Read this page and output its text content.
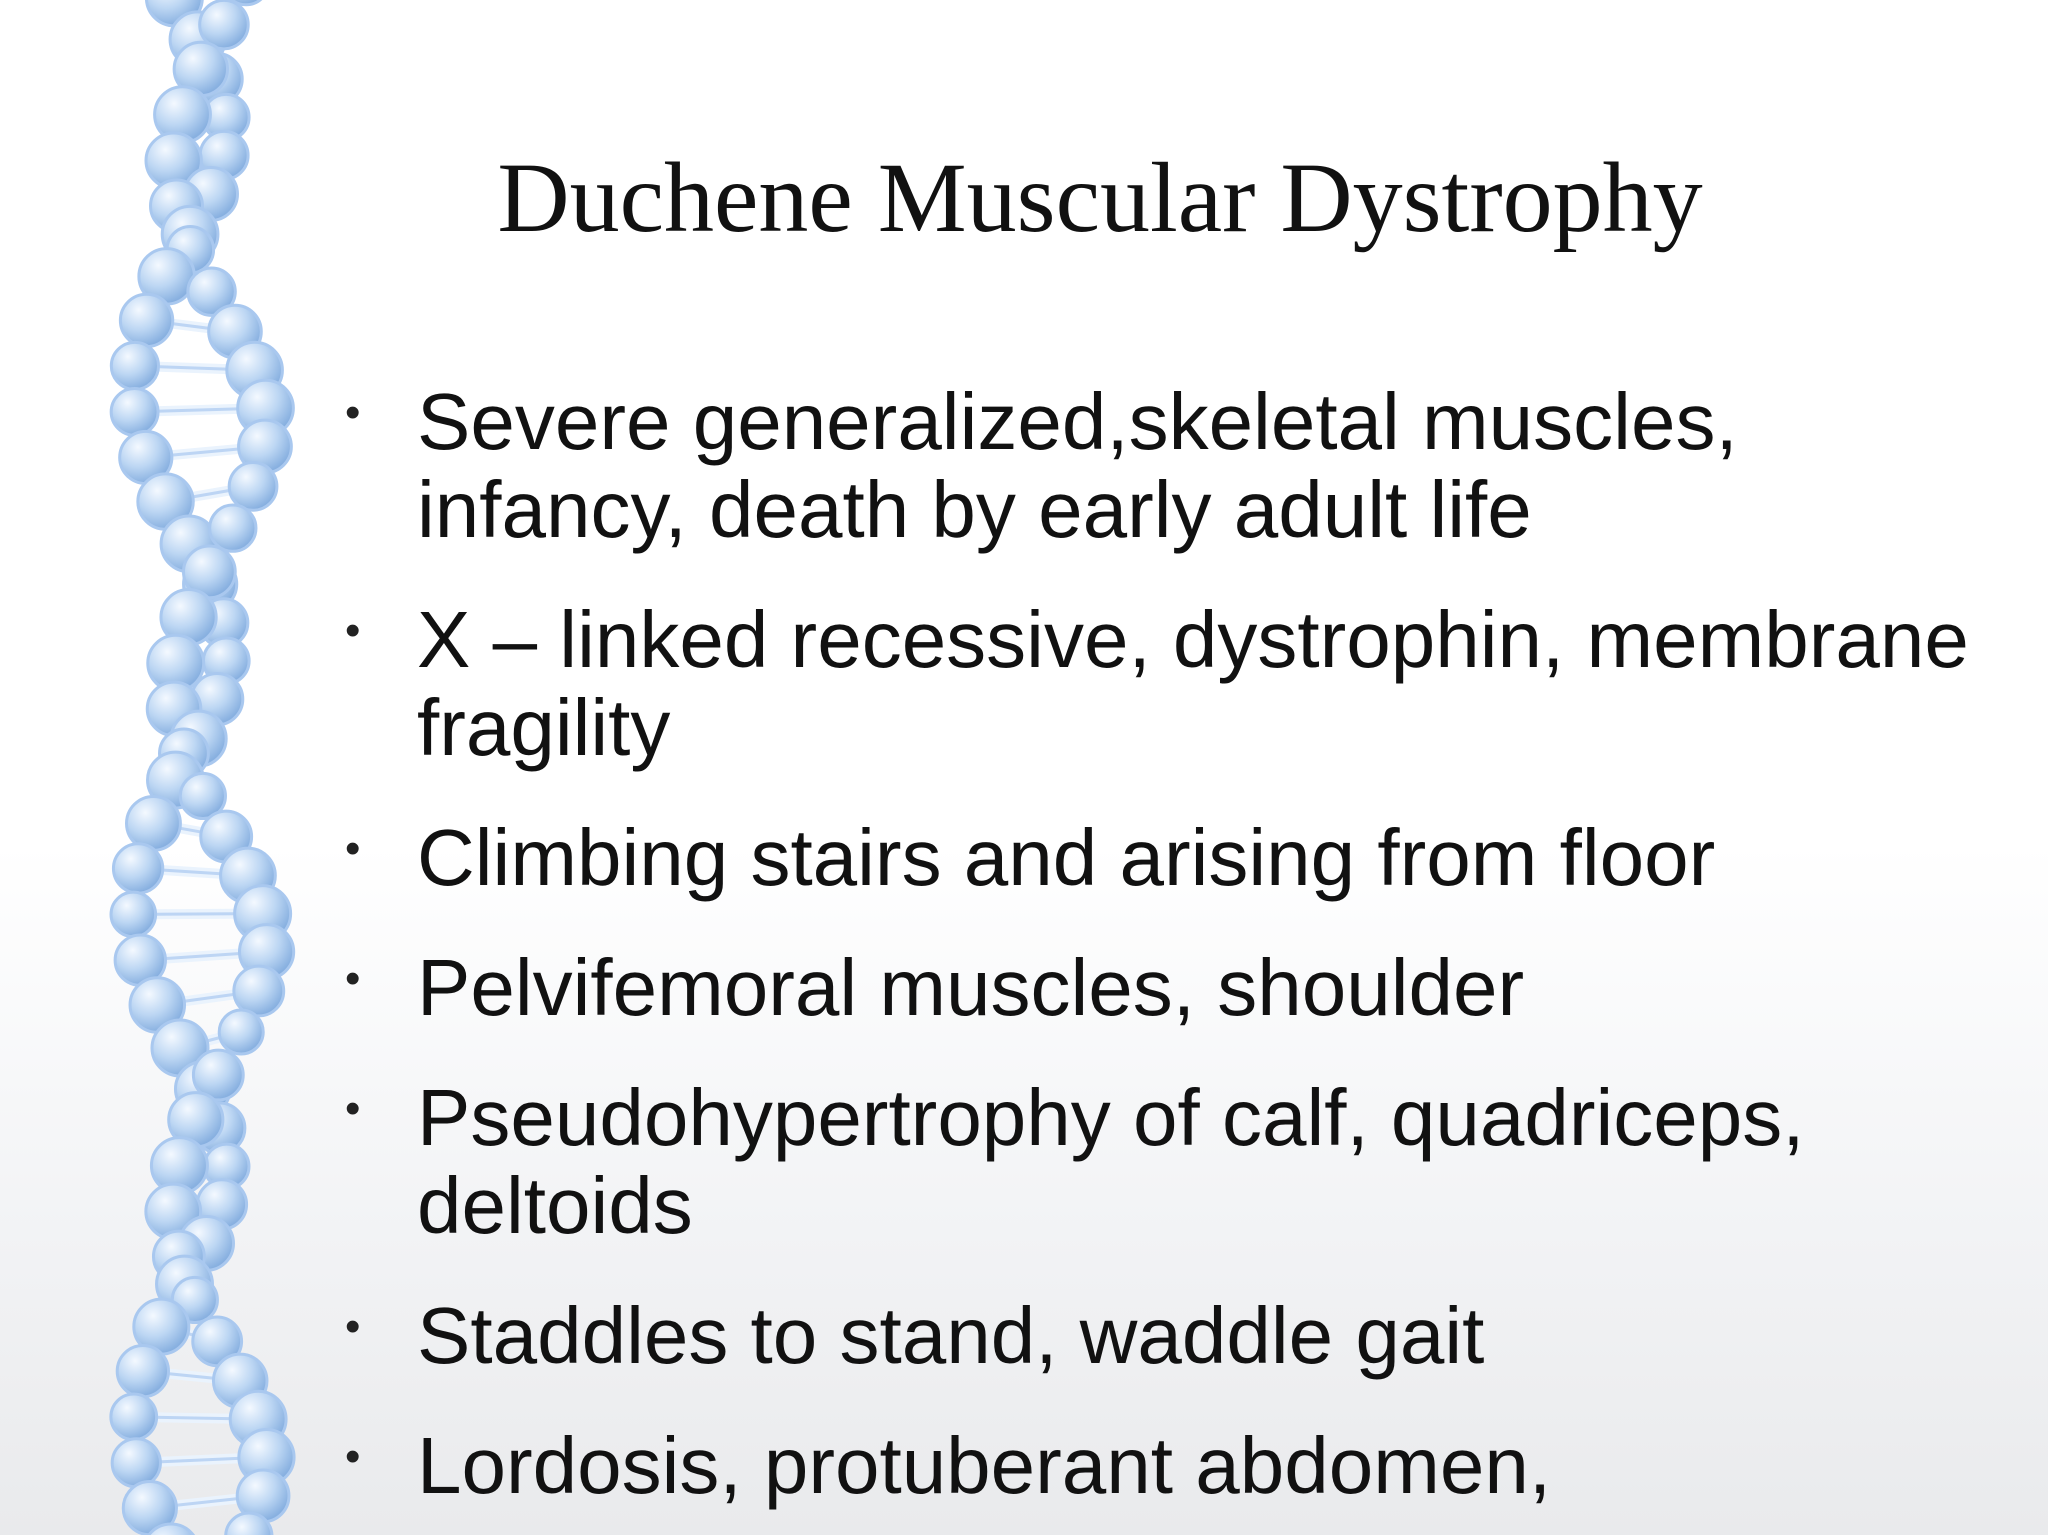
Duchene Muscular Dystrophy
• Severe generalized,skeletal muscles, infancy, death by early adult life
• X – linked recessive, dystrophin, membrane fragility
• Climbing stairs and arising from floor
• Pelvifemoral muscles, shoulder
• Pseudohypertrophy of calf, quadriceps, deltoids
• Staddles to stand, waddle gait
• Lordosis, protuberant abdomen,
